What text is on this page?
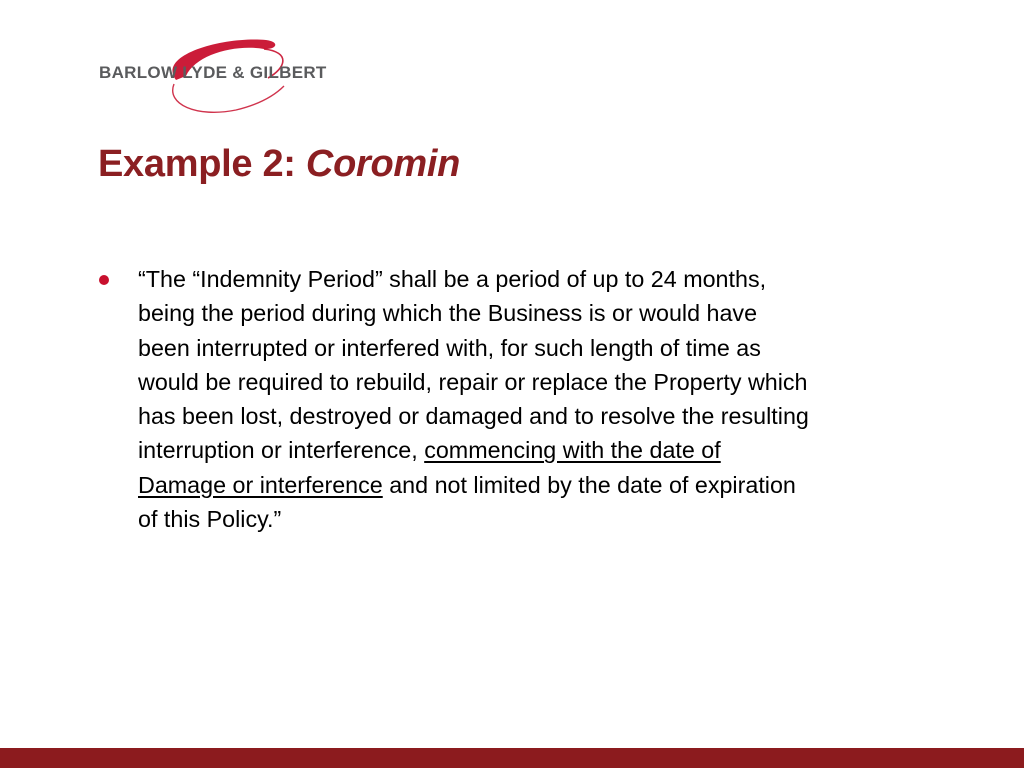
BARLOW LYDE & GILBERT
Example 2: Coromin

“The “Indemnity Period” shall be a period of up to 24 months,
being the period during which the Business is or would have
been interrupted or interfered with, for such length of time as
would be required to rebuild, repair or replace the Property which
has been lost, destroyed or damaged and to resolve the resulting
interruption or interference, commencing with the date of
Damage or interference and not limited by the date of expiration
of this Policy.”
